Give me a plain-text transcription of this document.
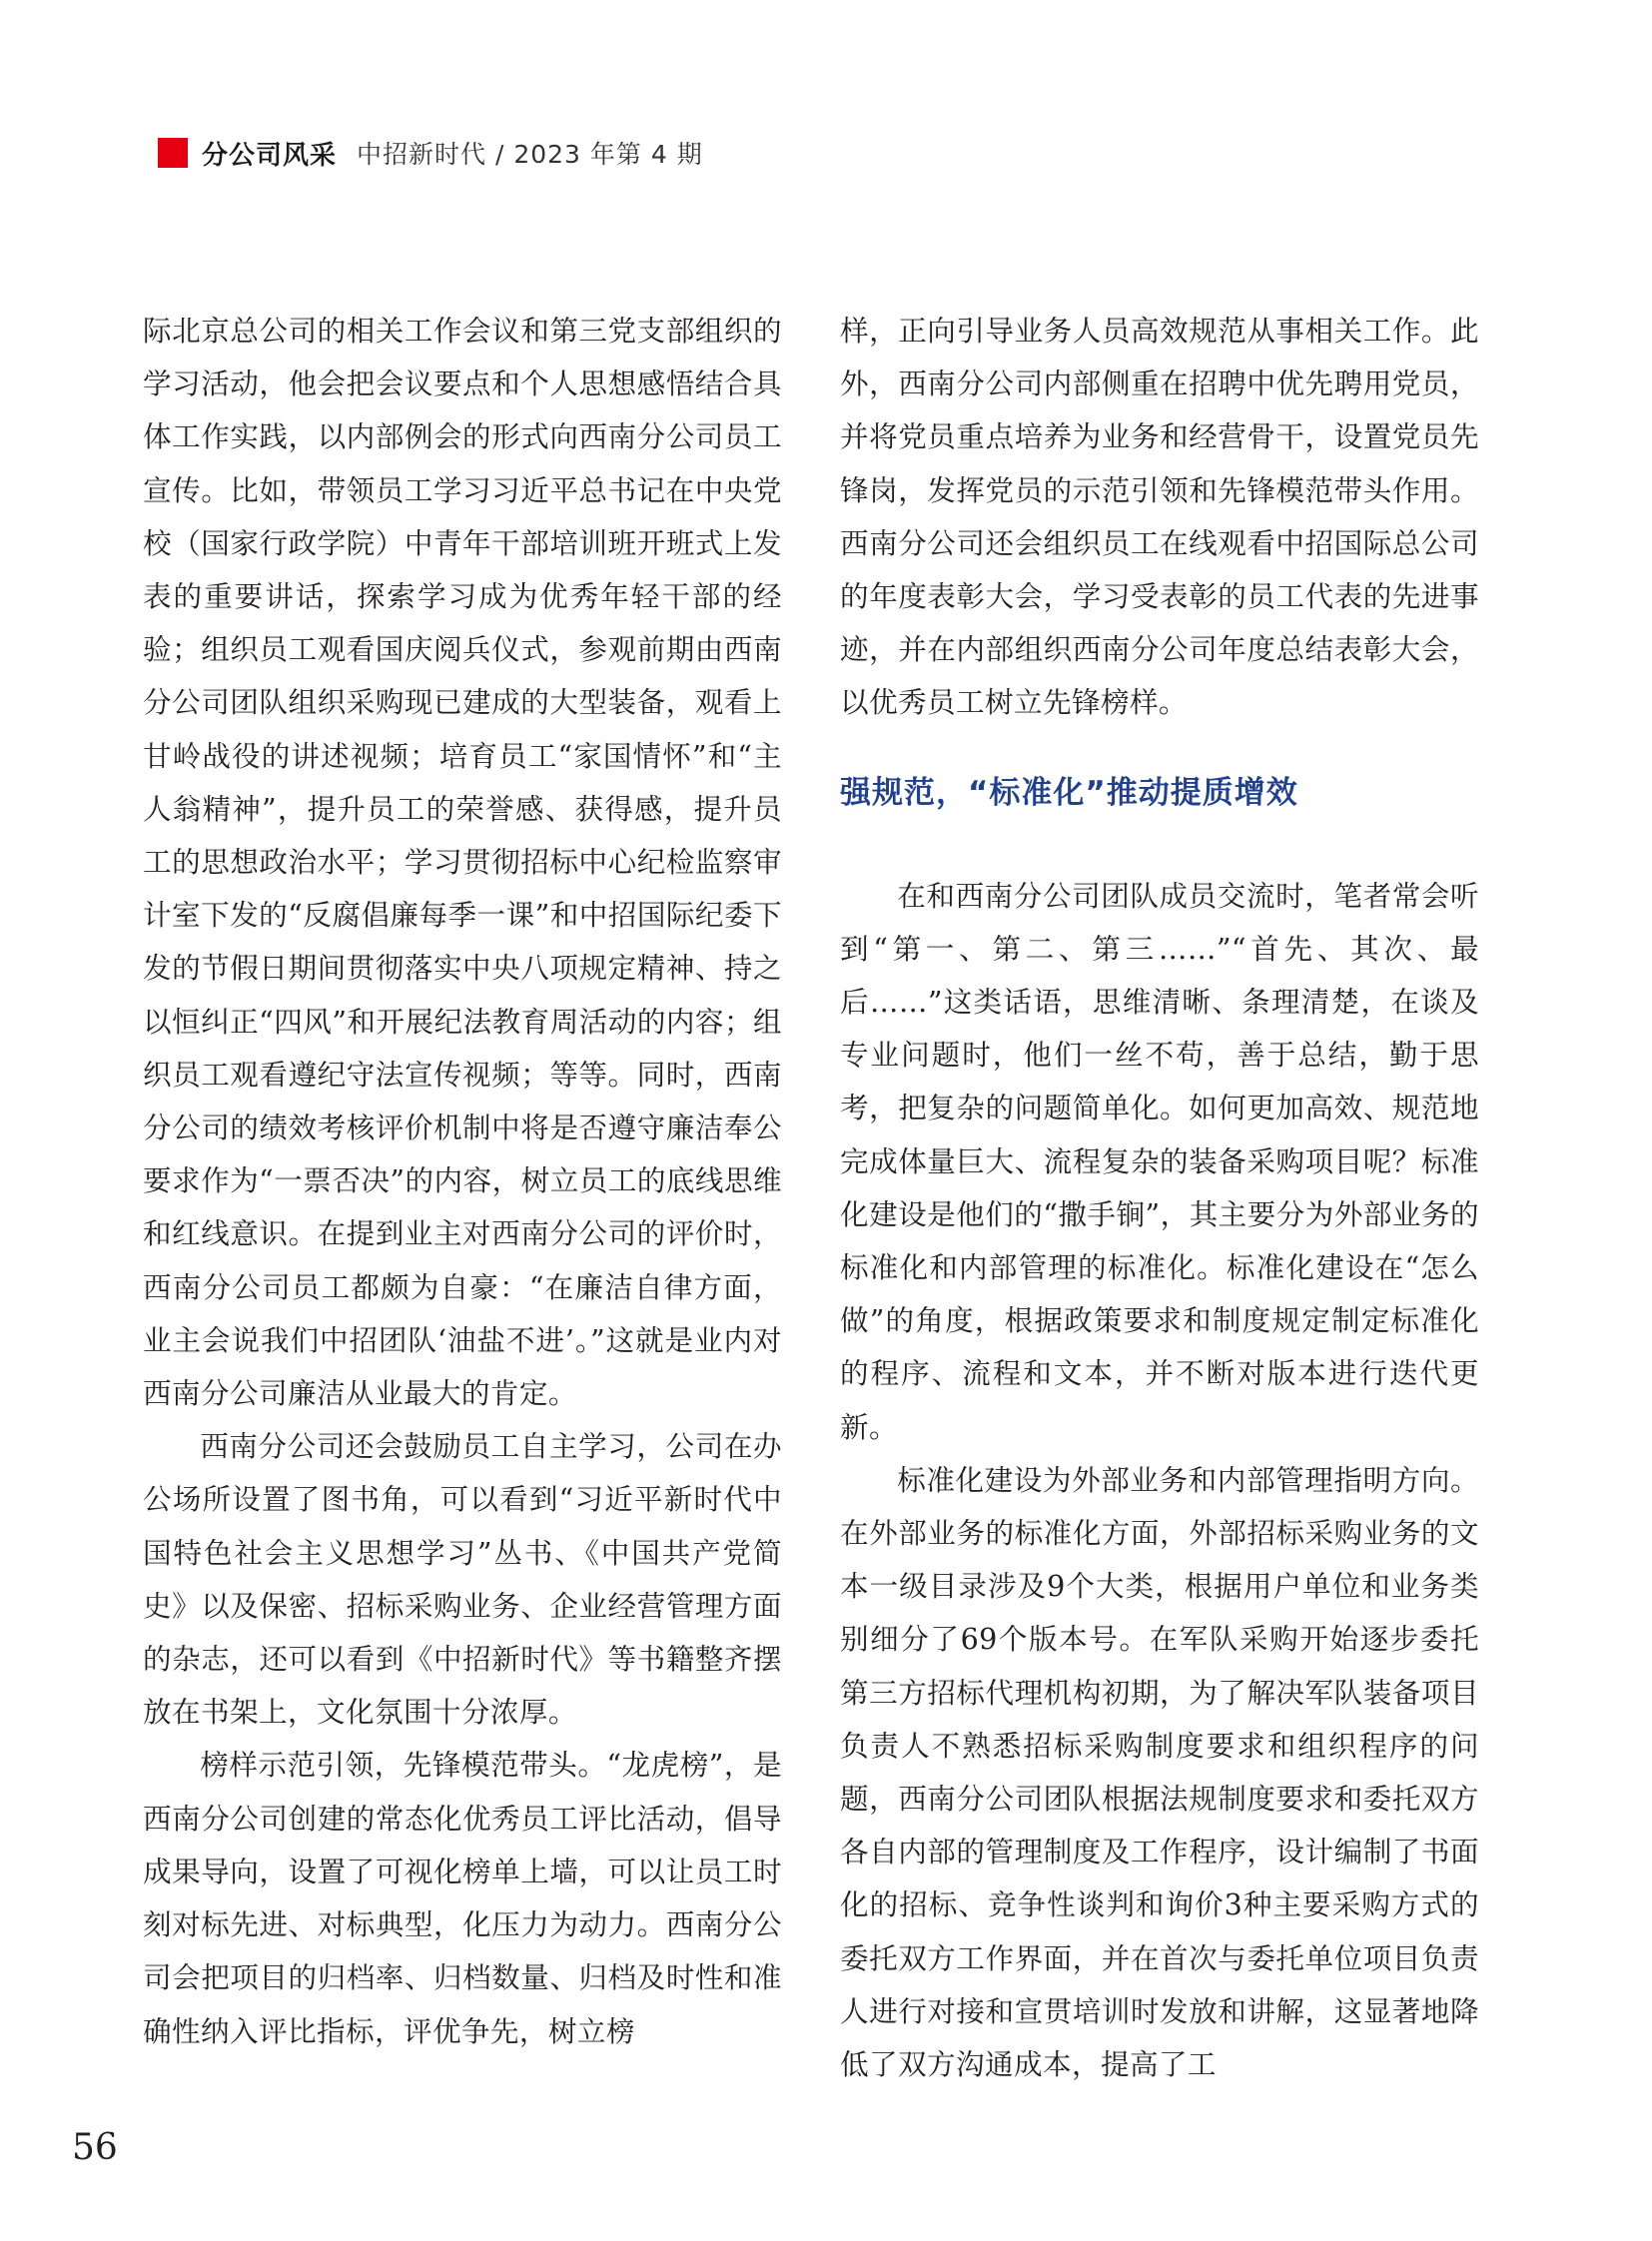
分公司风采 中招新时代 / 2023 年第 4 期

际北京总公司的相关工作会议和第三党支部组织的学习活动，他会把会议要点和个人思想感悟结合具体工作实践，以内部例会的形式向西南分公司员工宣传。比如，带领员工学习习近平总书记在中央党校（国家行政学院）中青年干部培训班开班式上发表的重要讲话，探索学习成为优秀年轻干部的经验；组织员工观看国庆阅兵仪式，参观前期由西南分公司团队组织采购现已建成的大型装备，观看上甘岭战役的讲述视频；培育员工“家国情怀”和“主人翁精神”，提升员工的荣誉感、获得感，提升员工的思想政治水平；学习贯彻招标中心纪检监察审计室下发的“反腐倡廉每季一课”和中招国际纪委下发的节假日期间贯彻落实中央八项规定精神、持之以恒纠正“四风”和开展纪法教育周活动的内容；组织员工观看遵纪守法宣传视频；等等。同时，西南分公司的绩效考核评价机制中将是否遵守廉洁奉公要求作为“一票否决”的内容，树立员工的底线思维和红线意识。在提到业主对西南分公司的评价时，西南分公司员工都颇为自豪：“在廉洁自律方面，业主会说我们中招团队‘油盐不进’。”这就是业内对西南分公司廉洁从业最大的肯定。

西南分公司还会鼓励员工自主学习，公司在办公场所设置了图书角，可以看到“习近平新时代中国特色社会主义思想学习”丛书、《中国共产党简史》以及保密、招标采购业务、企业经营管理方面的杂志，还可以看到《中招新时代》等书籍整齐摆放在书架上，文化氛围十分浓厚。

榜样示范引领，先锋模范带头。“龙虎榜”，是西南分公司创建的常态化优秀员工评比活动，倡导成果导向，设置了可视化榜单上墙，可以让员工时刻对标先进、对标典型，化压力为动力。西南分公司会把项目的归档率、归档数量、归档及时性和准确性纳入评比指标，评优争先，树立榜

样，正向引导业务人员高效规范从事相关工作。此外，西南分公司内部侧重在招聘中优先聘用党员，并将党员重点培养为业务和经营骨干，设置党员先锋岗，发挥党员的示范引领和先锋模范带头作用。西南分公司还会组织员工在线观看中招国际总公司的年度表彰大会，学习受表彰的员工代表的先进事迹，并在内部组织西南分公司年度总结表彰大会，以优秀员工树立先锋榜样。

强规范，“标准化”推动提质增效

在和西南分公司团队成员交流时，笔者常会听到“第一、第二、第三……”“首先、其次、最后……”这类话语，思维清晰、条理清楚，在谈及专业问题时，他们一丝不苟，善于总结，勤于思考，把复杂的问题简单化。如何更加高效、规范地完成体量巨大、流程复杂的装备采购项目呢？标准化建设是他们的“撒手锏”，其主要分为外部业务的标准化和内部管理的标准化。标准化建设在“怎么做”的角度，根据政策要求和制度规定制定标准化的程序、流程和文本，并不断对版本进行迭代更新。

标准化建设为外部业务和内部管理指明方向。在外部业务的标准化方面，外部招标采购业务的文本一级目录涉及9个大类，根据用户单位和业务类别细分了69个版本号。在军队采购开始逐步委托第三方招标代理机构初期，为了解决军队装备项目负责人不熟悉招标采购制度要求和组织程序的问题，西南分公司团队根据法规制度要求和委托双方各自内部的管理制度及工作程序，设计编制了书面化的招标、竞争性谈判和询价3种主要采购方式的委托双方工作界面，并在首次与委托单位项目负责人进行对接和宣贯培训时发放和讲解，这显著地降低了双方沟通成本，提高了工

56
